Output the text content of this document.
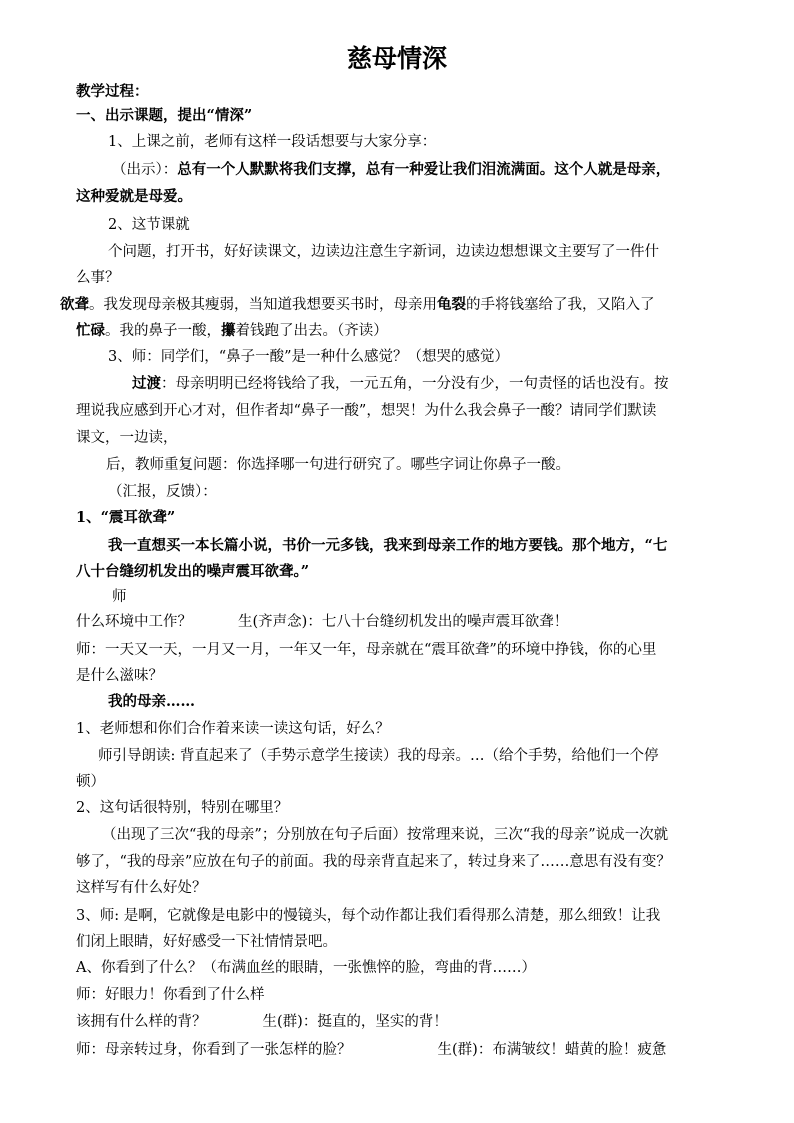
慈母情深

教学过程：

一、出示课题，提出“情深”

1、上课之前，老师有这样一段话想要与大家分享：

（出示）：总有一个人默默将我们支撑，总有一种爱让我们泪流满面。这个人就是母亲，

这种爱就是母爱。

2、这节课就

个问题，打开书，好好读课文，边读边注意生字新词，边读边想想课文主要写了一件什

么事？

欲聋。我发现母亲极其瘦弱，当知道我想要买书时，母亲用龟裂的手将钱塞给了我，又陷入了

忙碌。我的鼻子一酸，攥着钱跑了出去。（齐读）

3、师：同学们，“鼻子一酸”是一种什么感觉？（想哭的感觉）

过渡：母亲明明已经将钱给了我，一元五角，一分没有少，一句责怪的话也没有。按

理说我应感到开心才对，但作者却“鼻子一酸”，想哭！为什么我会鼻子一酸？请同学们默读

课文，一边读，

后，教师重复问题：你选择哪一句进行研究了。哪些字词让你鼻子一酸。

（汇报，反馈）：

1、“震耳欲聋”

我一直想买一本长篇小说，书价一元多钱，我来到母亲工作的地方要钱。那个地方，“七

八十台缝纫机发出的噪声震耳欲聋。”

师

什么环境中工作？	生(齐声念)：七八十台缝纫机发出的噪声震耳欲聋！

师：一天又一天，一月又一月，一年又一年，母亲就在“震耳欲聋”的环境中挣钱，你的心里

是什么滋味？

我的母亲……

1、老师想和你们合作着来读一读这句话，好么？

师引导朗读: 背直起来了（手势示意学生接读）我的母亲。…（给个手势，给他们一个停

顿）

2、这句话很特别，特别在哪里？

（出现了三次“我的母亲”；分别放在句子后面）按常理来说，三次“我的母亲”说成一次就

够了，“我的母亲”应放在句子的前面。我的母亲背直起来了，转过身来了……意思有没有变？

这样写有什么好处？

3、师: 是啊，它就像是电影中的慢镜头，每个动作都让我们看得那么清楚，那么细致！让我

们闭上眼睛，好好感受一下社情情景吧。

A、你看到了什么？（布满血丝的眼睛，一张憔悴的脸，弯曲的背……）

师：好眼力！你看到了什么样

该拥有什么样的背？	生(群)：挺直的，坚实的背！

师：母亲转过身，你看到了一张怎样的脸？	生(群)：布满皱纹！蜡黄的脸！疲惫
